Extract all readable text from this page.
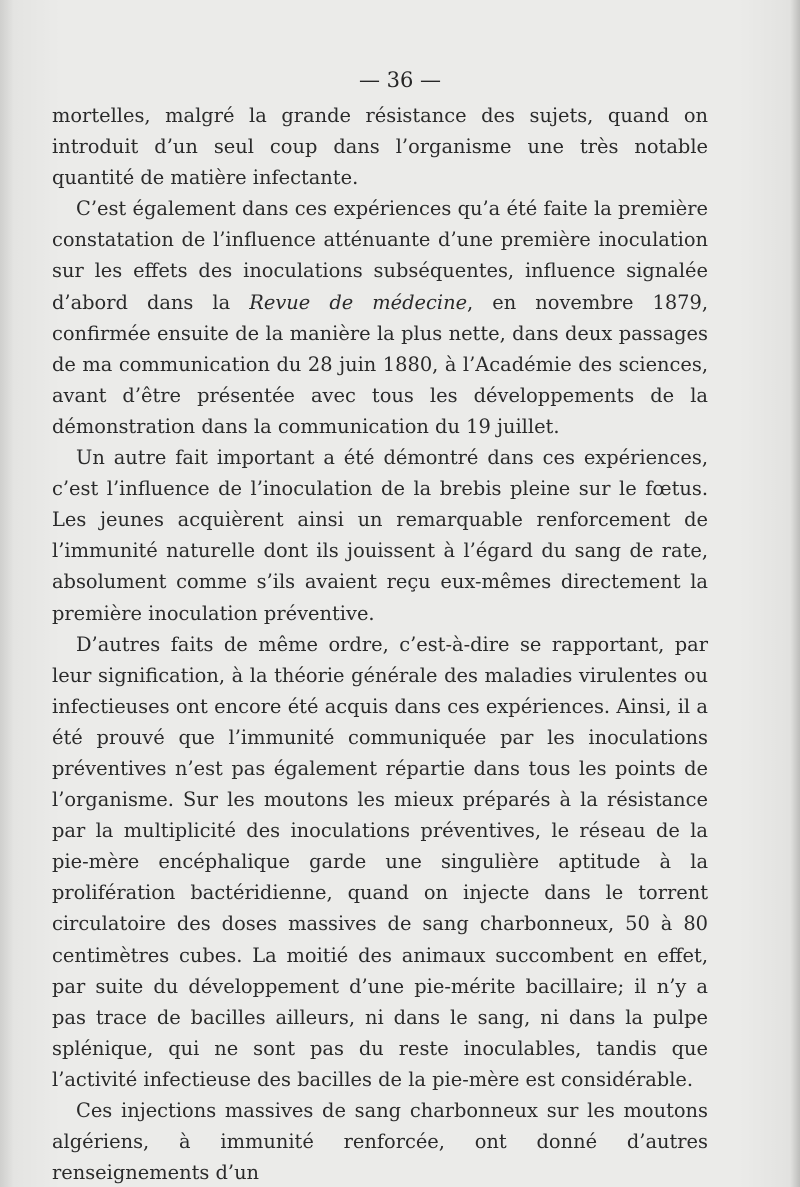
— 36 —

mortelles, malgré la grande résistance des sujets, quand on introduit d’un seul coup dans l’organisme une très notable quantité de matière infectante.

C’est également dans ces expériences qu’a été faite la première constatation de l’influence atténuante d’une première inoculation sur les effets des inoculations subséquentes, influence signalée d’abord dans la Revue de médecine, en novembre 1879, confirmée ensuite de la manière la plus nette, dans deux passages de ma communication du 28 juin 1880, à l’Académie des sciences, avant d’être présentée avec tous les développements de la démonstration dans la communication du 19 juillet.

Un autre fait important a été démontré dans ces expériences, c’est l’influence de l’inoculation de la brebis pleine sur le fœtus. Les jeunes acquièrent ainsi un remarquable renforcement de l’immunité naturelle dont ils jouissent à l’égard du sang de rate, absolument comme s’ils avaient reçu eux-mêmes directement la première inoculation préventive.

D’autres faits de même ordre, c’est-à-dire se rapportant, par leur signification, à la théorie générale des maladies virulentes ou infectieuses ont encore été acquis dans ces expériences. Ainsi, il a été prouvé que l’immunité communiquée par les inoculations préventives n’est pas également répartie dans tous les points de l’organisme. Sur les moutons les mieux préparés à la résistance par la multiplicité des inoculations préventives, le réseau de la pie-mère encéphalique garde une singulière aptitude à la prolifération bactéridienne, quand on injecte dans le torrent circulatoire des doses massives de sang charbonneux, 50 à 80 centimètres cubes. La moitié des animaux succombent en effet, par suite du développement d’une pie-mérite bacillaire; il n’y a pas trace de bacilles ailleurs, ni dans le sang, ni dans la pulpe splénique, qui ne sont pas du reste inoculables, tandis que l’activité infectieuse des bacilles de la pie-mère est considérable.

Ces injections massives de sang charbonneux sur les moutons algériens, à immunité renforcée, ont donné d’autres renseignements d’un
